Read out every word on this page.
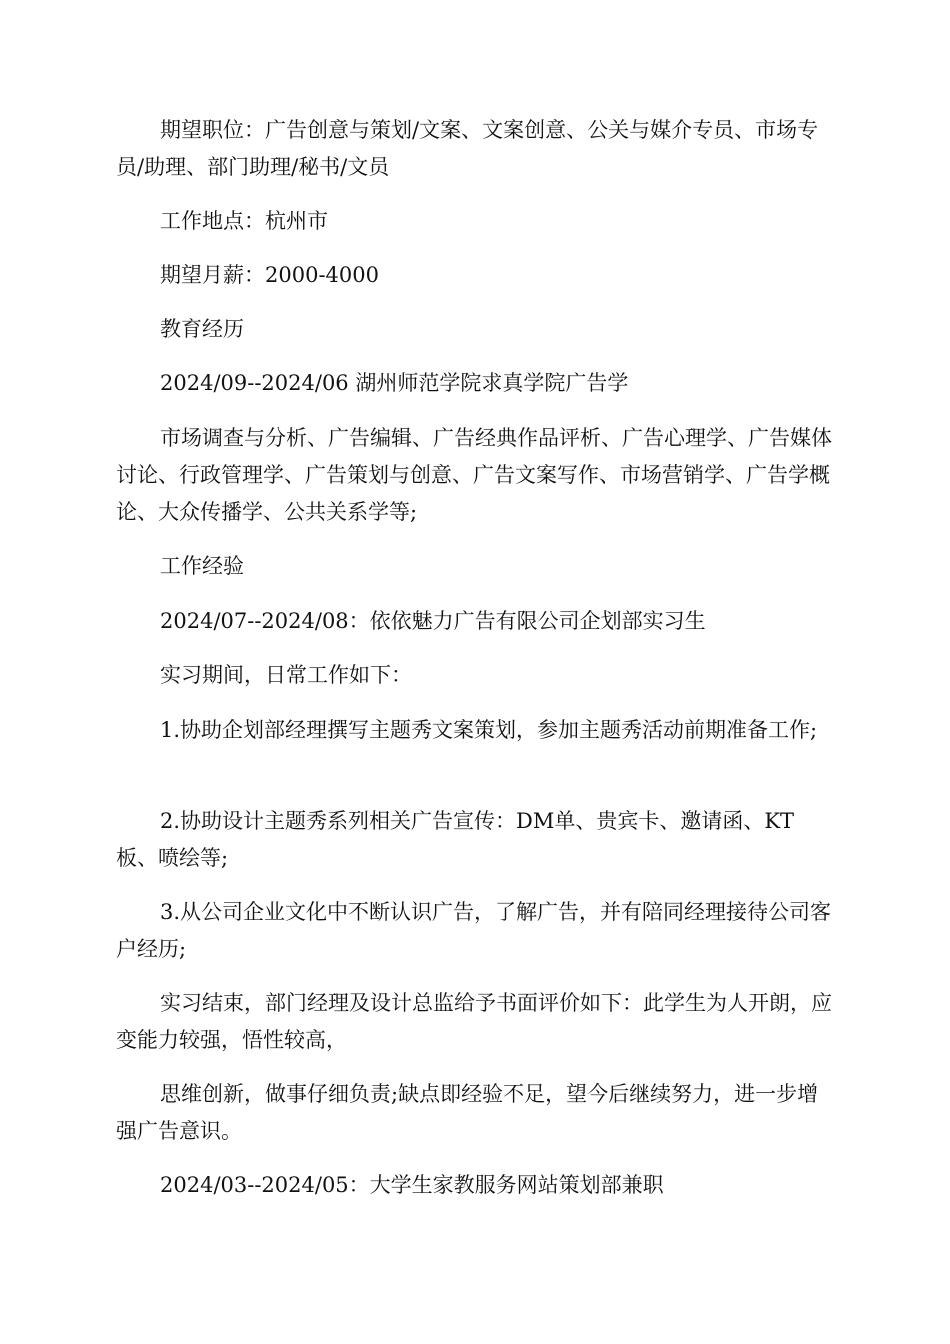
期望职位：广告创意与策划/文案、文案创意、公关与媒介专员、市场专员/助理、部门助理/秘书/文员

工作地点：杭州市

期望月薪：2000-4000

教育经历

2024/09--2024/06 湖州师范学院求真学院广告学

市场调查与分析、广告编辑、广告经典作品评析、广告心理学、广告媒体讨论、行政管理学、广告策划与创意、广告文案写作、市场营销学、广告学概论、大众传播学、公共关系学等;

工作经验

2024/07--2024/08：依依魅力广告有限公司企划部实习生

实习期间，日常工作如下：

1.协助企划部经理撰写主题秀文案策划，参加主题秀活动前期准备工作;

2.协助设计主题秀系列相关广告宣传：DM单、贵宾卡、邀请函、KT板、喷绘等;

3.从公司企业文化中不断认识广告，了解广告，并有陪同经理接待公司客户经历;

实习结束，部门经理及设计总监给予书面评价如下：此学生为人开朗，应变能力较强，悟性较高，

思维创新，做事仔细负责;缺点即经验不足，望今后继续努力，进一步增强广告意识。

2024/03--2024/05：大学生家教服务网站策划部兼职
